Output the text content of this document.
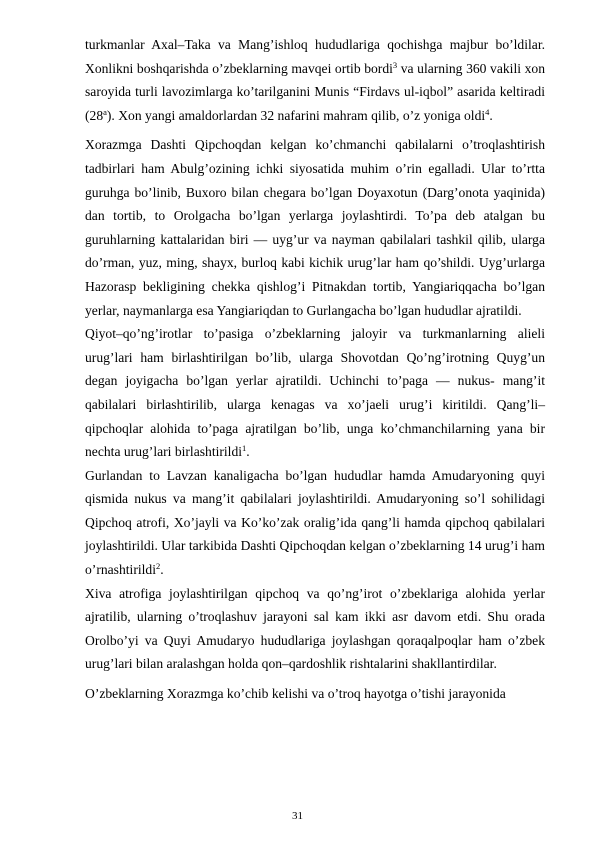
turkmanlar Axal–Taka va Mang’ishloq hududlariga qochishga majbur bo’ldilar. Xonlikni boshqarishda o’zbeklarning mavqei ortib bordi$^3$ va ularning 360 vakili xon saroyida turli lavozimlarga ko’tarilganini Munis “Firdavs ul-iqbol” asarida keltiradi (28$^a$). Xon yangi amaldorlardan 32 nafarini mahram qilib, o’z yoniga oldi$^4$.

Xorazmga Dashti Qipchoqdan kelgan ko’chmanchi qabilalarni o’troqlashtirish tadbirlari ham Abulg’ozining ichki siyosatida muhim o’rin egalladi. Ular to’rtta guruhga bo’linib, Buxoro bilan chegara bo’lgan Doyaxotun (Darg’onota yaqinida) dan tortib, to Orolgacha bo’lgan yerlarga joylashtirdi. To’pa deb atalgan bu guruhlarning kattalaridan biri — uyg’ur va nayman qabilalari tashkil qilib, ularga do’rman, yuz, ming, shayx, burloq kabi kichik urug’lar ham qo’shildi. Uyg’urlarga Hazorasp bekligining chekka qishlog’i Pitnakdan tortib, Yangiariqqacha bo’lgan yerlar, naymanlarga esa Yangiariqdan to Gurlangacha bo’lgan hududlar ajratildi.

Qiyot–qo’ng’irotlar to’pasiga o’zbeklarning jaloyir va turkmanlarning alieli urug’lari ham birlashtirilgan bo’lib, ularga Shovotdan Qo’ng’irotning Quyg’un degan joyigacha bo’lgan yerlar ajratildi. Uchinchi to’paga — nukus- mang’it qabilalari birlashtirilib, ularga kenagas va xo’jaeli urug’i kiritildi. Qang’li–qipchoqlar alohida to’paga ajratilgan bo’lib, unga ko’chmanchilarning yana bir nechta urug’lari birlashtirildi$^1$.

Gurlandan to Lavzan kanaligacha bo’lgan hududlar hamda Amudaryoning quyi qismida nukus va mang’it qabilalari joylashtirildi. Amudaryoning so’l sohilidagi Qipchoq atrofi, Xo’jayli va Ko’ko’zak oralig’ida qang’li hamda qipchoq qabilalari joylashtirildi. Ular tarkibida Dashti Qipchoqdan kelgan o’zbeklarning 14 urug’i ham o’rnashtirildi$^2$.

Xiva atrofiga joylashtirilgan qipchoq va qo’ng’irot o’zbeklariga alohida yerlar ajratilib, ularning o’troqlashuv jarayoni sal kam ikki asr davom etdi. Shu orada Orolbo’yi va Quyi Amudaryo hududlariga joylashgan qoraqalpoqlar ham o’zbek urug’lari bilan aralashgan holda qon–qardoshlik rishtalarini shakllantirdilar.

O’zbeklarning Xorazmga ko’chib kelishi va o’troq hayotga o’tishi jarayonida

31
